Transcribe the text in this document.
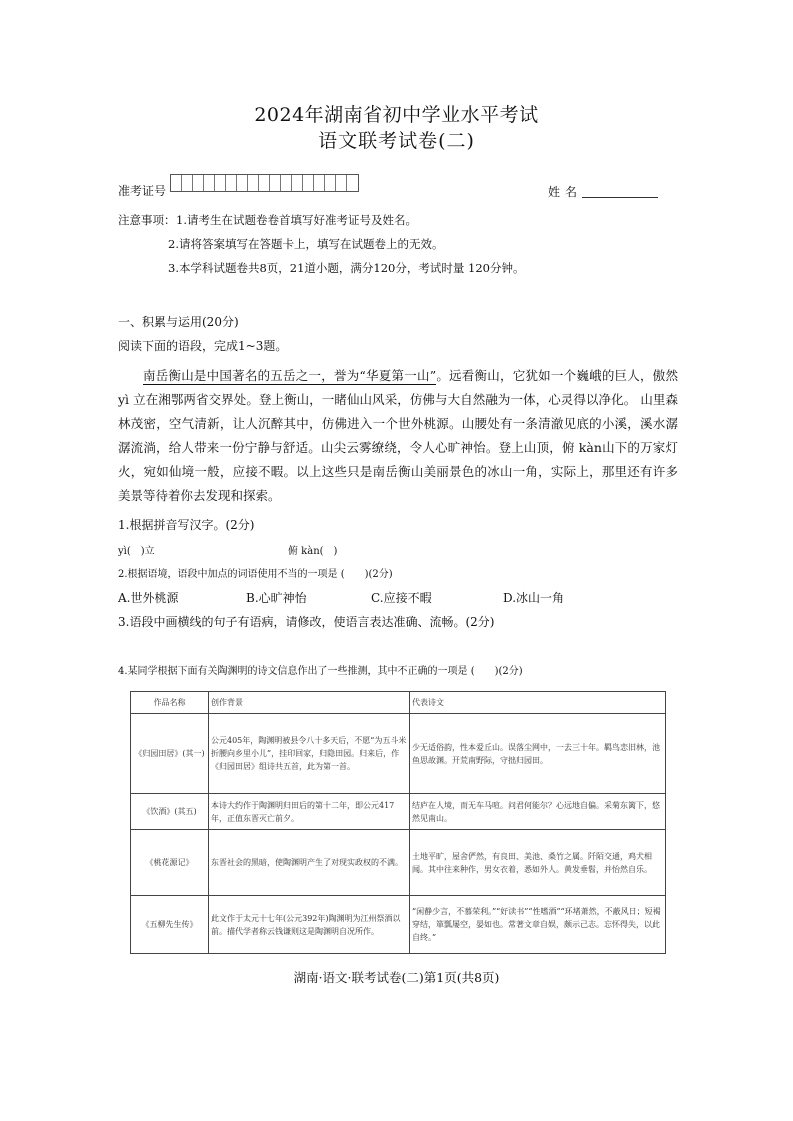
2024年湖南省初中学业水平考试
语文联考试卷(二)
准考证号	姓名
注意事项： 1.请考生在试题卷卷首填写好准考证号及姓名。
2.请将答案填写在答题卡上，填写在试题卷上的无效。
3.本学科试题卷共8页，21道小题，满分120分，考试时量 120分钟。
一、积累与运用(20分)
阅读下面的语段，完成1~3题。
南岳衡山是中国著名的五岳之一，誉为“华夏第一山”。远看衡山，它犹如一个巍峨的巨人，傲然 yì 立在湘鄂两省交界处。登上衡山，一睹仙山风采，仿佛与大自然融为一体，心灵得以净化。 山里森林茂密，空气清新，让人沉醉其中，仿佛进入一个世外桃源。山腰处有一条清澈见底的小溪，溪水潺潺流淌，给人带来一份宁静与舒适。山尖云雾缭绕，令人心旷神怡。登上山顶，俯 kàn山下的万家灯火，宛如仙境一般，应接不暇。以上这些只是南岳衡山美丽景色的冰山一角，实际上，那里还有许多美景等待着你去发现和探索。
1.根据拼音写汉字。(2分)
yì(　)立	俯 kàn(　)
2.根据语境，语段中加点的词语使用不当的一项是 (　　)(2分)
A.世外桃源	B.心旷神怡	C.应接不暇	D.冰山一角
3.语段中画横线的句子有语病，请修改，使语言表达准确、流畅。(2分)
4.某同学根据下面有关陶渊明的诗文信息作出了一些推测，其中不正确的一项是 (　　)(2分)
作品名称	创作背景	代表诗文
《归园田居》(其一)	公元405年，陶渊明被县令八十多天后，不愿“为五斗米折腰向乡里小儿”，挂印回家，归隐田园。归来后，作《归园田居》组诗共五首，此为第一首。	少无适俗韵，性本爱丘山。误落尘网中，一去三十年。羁鸟恋旧林，池鱼思故渊。开荒南野际，守拙归园田。
《饮酒》(其五)	本诗大约作于陶渊明归田后的第十二年，即公元417年，正值东晋灭亡前夕。	结庐在人境，而无车马喧。问君何能尔？心远地自偏。采菊东篱下，悠然见南山。
《桃花源记》	东晋社会的黑暗，使陶渊明产生了对现实政权的不满。	土地平旷，屋舍俨然，有良田、美池、桑竹之属。阡陌交通，鸡犬相闻。其中往来种作，男女衣着，悉如外人。黄发垂髫，并怡然自乐。
《五柳先生传》	此文作于太元十七年(公元392年)陶渊明为江州祭酒以前。描代学者称云钱谦则这是陶渊明自况所作。	“闲静少言，不慕荣利。”“好读书”“性嗜酒”“环堵萧然，不蔽风日；短褐穿结，箪瓢屡空，晏如也。常著文章自娱，颇示己志。忘怀得失，以此自终。”
湖南·语文·联考试卷(二)第1页(共8页)
